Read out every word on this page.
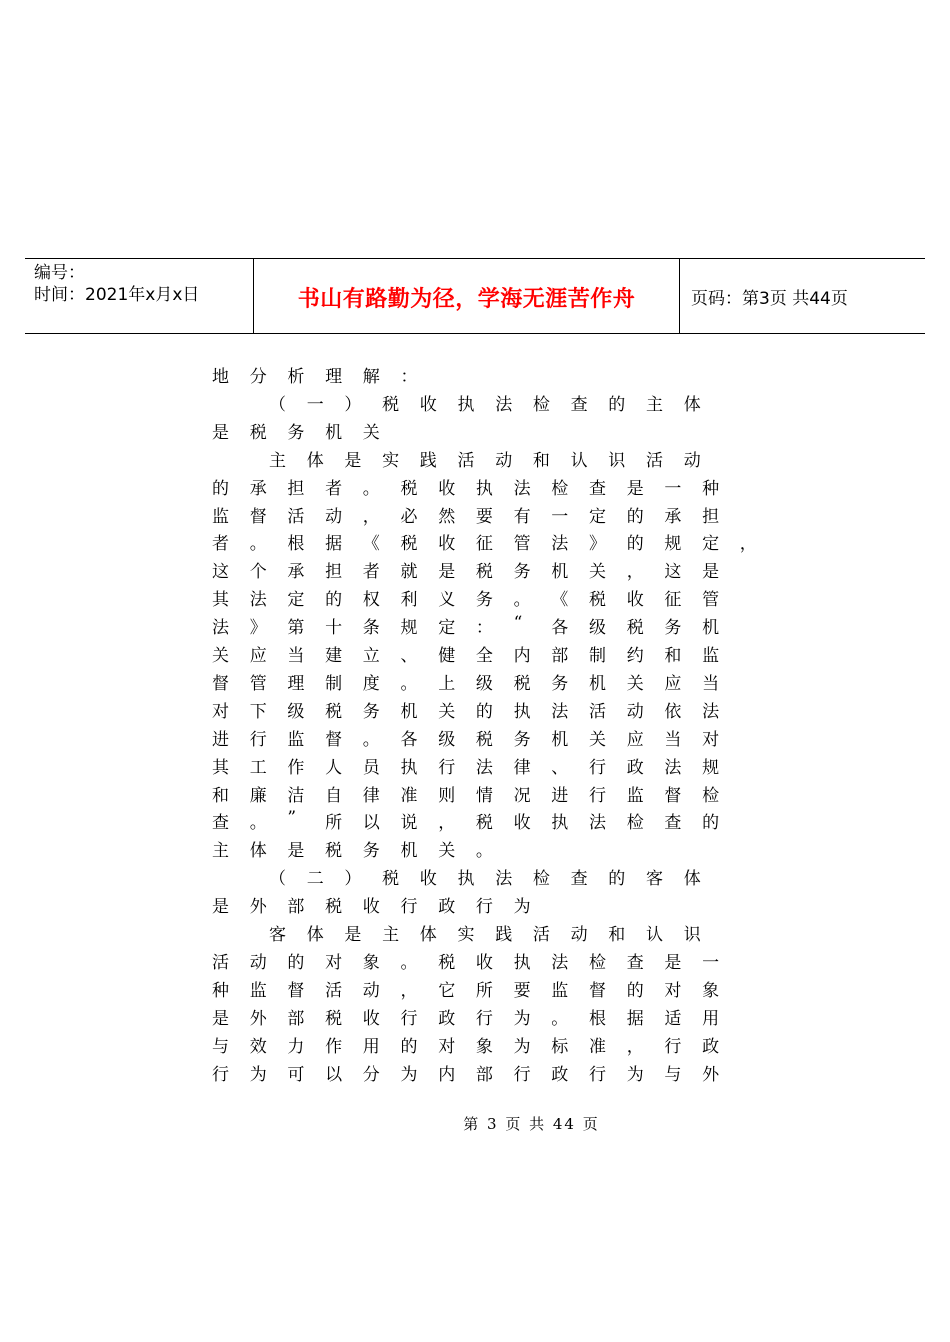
编号：
时间：2021年x月x日	书山有路勤为径，学海无涯苦作舟	页码：第3页 共44页
地 分 析 理 解 ：
（ 一 ） 税 收 执 法 检 查 的 主 体
是 税 务 机 关
主 体 是 实 践 活 动 和 认 识 活 动
的 承 担 者 。 税 收 执 法 检 查 是 一 种
监 督 活 动 ， 必 然 要 有 一 定 的 承 担
者 。 根 据 《 税 收 征 管 法 》 的 规 定 ，
这 个 承 担 者 就 是 税 务 机 关 ， 这 是
其 法 定 的 权 利 义 务 。 《 税 收 征 管
法 》 第 十 条 规 定 ： “ 各 级 税 务 机
关 应 当 建 立 、 健 全 内 部 制 约 和 监
督 管 理 制 度 。 上 级 税 务 机 关 应 当
对 下 级 税 务 机 关 的 执 法 活 动 依 法
进 行 监 督 。 各 级 税 务 机 关 应 当 对
其 工 作 人 员 执 行 法 律 、 行 政 法 规
和 廉 洁 自 律 准 则 情 况 进 行 监 督 检
查 。 ” 所 以 说 ， 税 收 执 法 检 查 的
主 体 是 税 务 机 关 。
（ 二 ） 税 收 执 法 检 查 的 客 体
是 外 部 税 收 行 政 行 为
客 体 是 主 体 实 践 活 动 和 认 识
活 动 的 对 象 。 税 收 执 法 检 查 是 一
种 监 督 活 动 ， 它 所 要 监 督 的 对 象
是 外 部 税 收 行 政 行 为 。 根 据 适 用
与 效 力 作 用 的 对 象 为 标 准 ， 行 政
行 为 可 以 分 为 内 部 行 政 行 为 与 外
第 3 页 共 44 页
